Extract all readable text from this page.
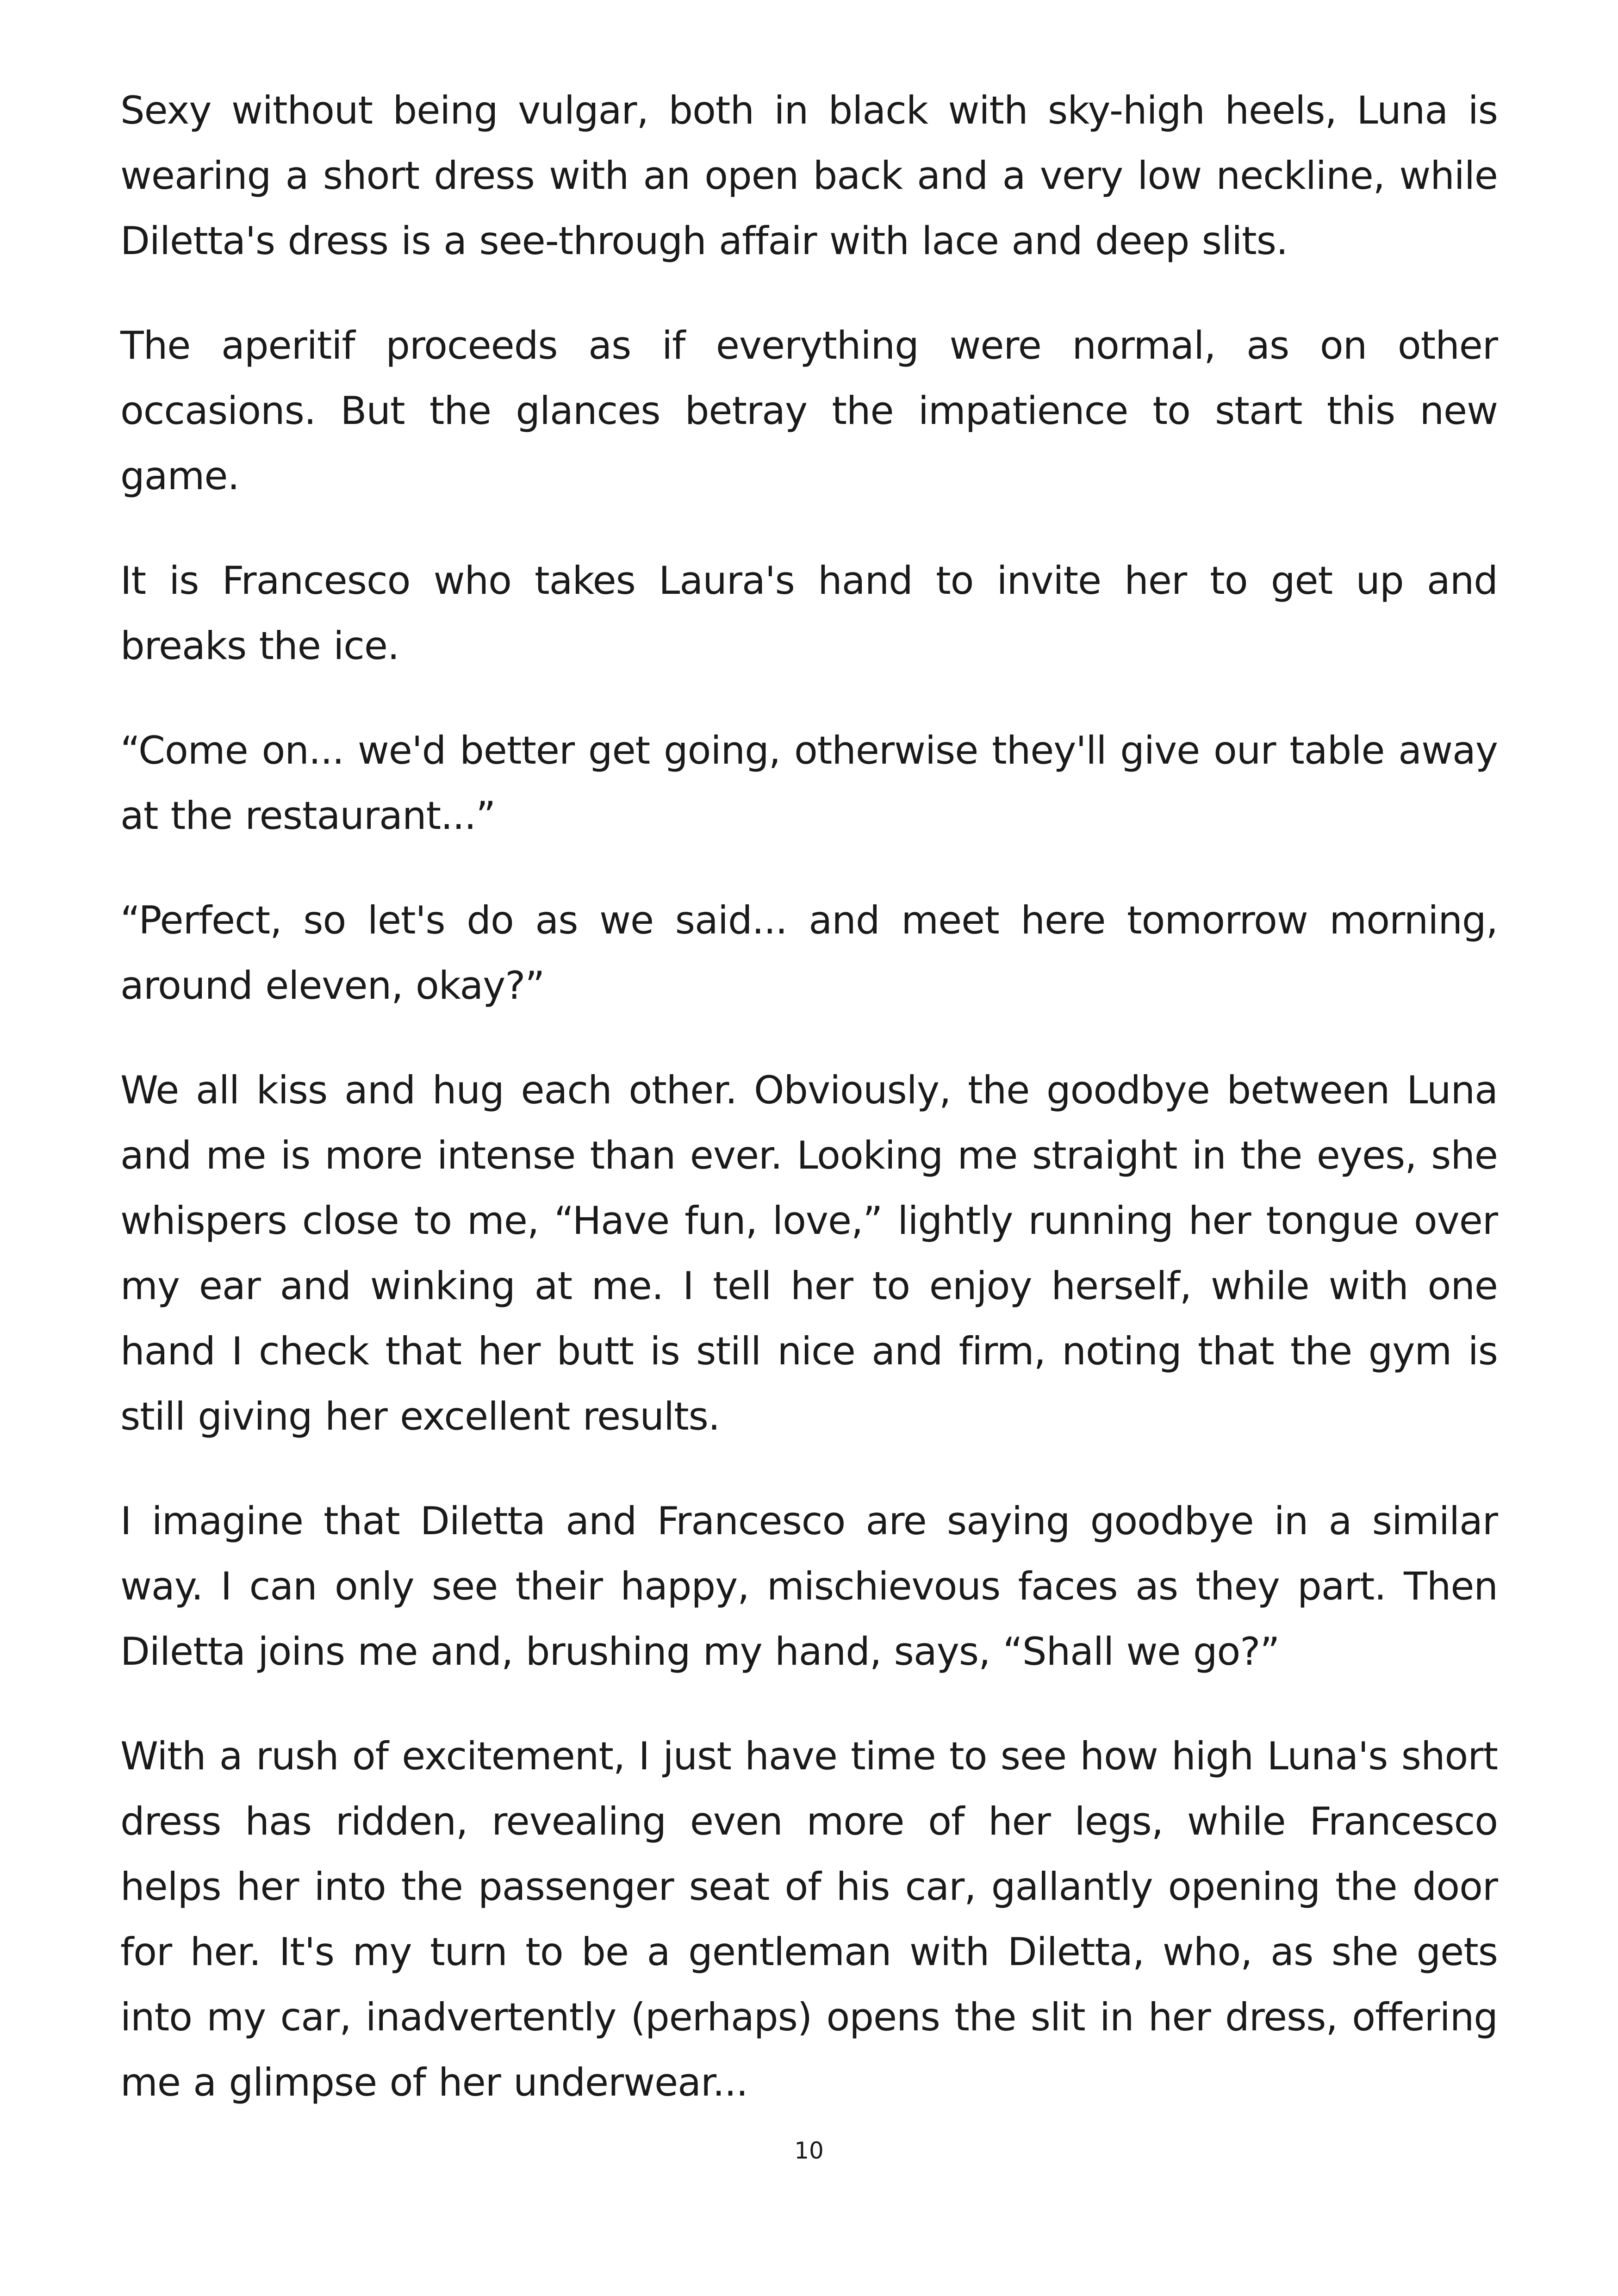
Sexy without being vulgar, both in black with sky-high heels, Luna is wearing a short dress with an open back and a very low neckline, while Diletta's dress is a see-through affair with lace and deep slits.

The aperitif proceeds as if everything were normal, as on other occasions. But the glances betray the impatience to start this new game.

It is Francesco who takes Laura's hand to invite her to get up and breaks the ice.

“Come on... we'd better get going, otherwise they'll give our table away at the restaurant...”

“Perfect, so let's do as we said... and meet here tomorrow morning, around eleven, okay?”

We all kiss and hug each other. Obviously, the goodbye between Luna and me is more intense than ever. Looking me straight in the eyes, she whispers close to me, “Have fun, love,” lightly running her tongue over my ear and winking at me. I tell her to enjoy herself, while with one hand I check that her butt is still nice and firm, noting that the gym is still giving her excellent results.

I imagine that Diletta and Francesco are saying goodbye in a similar way. I can only see their happy, mischievous faces as they part. Then Diletta joins me and, brushing my hand, says, “Shall we go?”

With a rush of excitement, I just have time to see how high Luna's short dress has ridden, revealing even more of her legs, while Francesco helps her into the passenger seat of his car, gallantly opening the door for her. It's my turn to be a gentleman with Diletta, who, as she gets into my car, inadvertently (perhaps) opens the slit in her dress, offering me a glimpse of her underwear...

10
